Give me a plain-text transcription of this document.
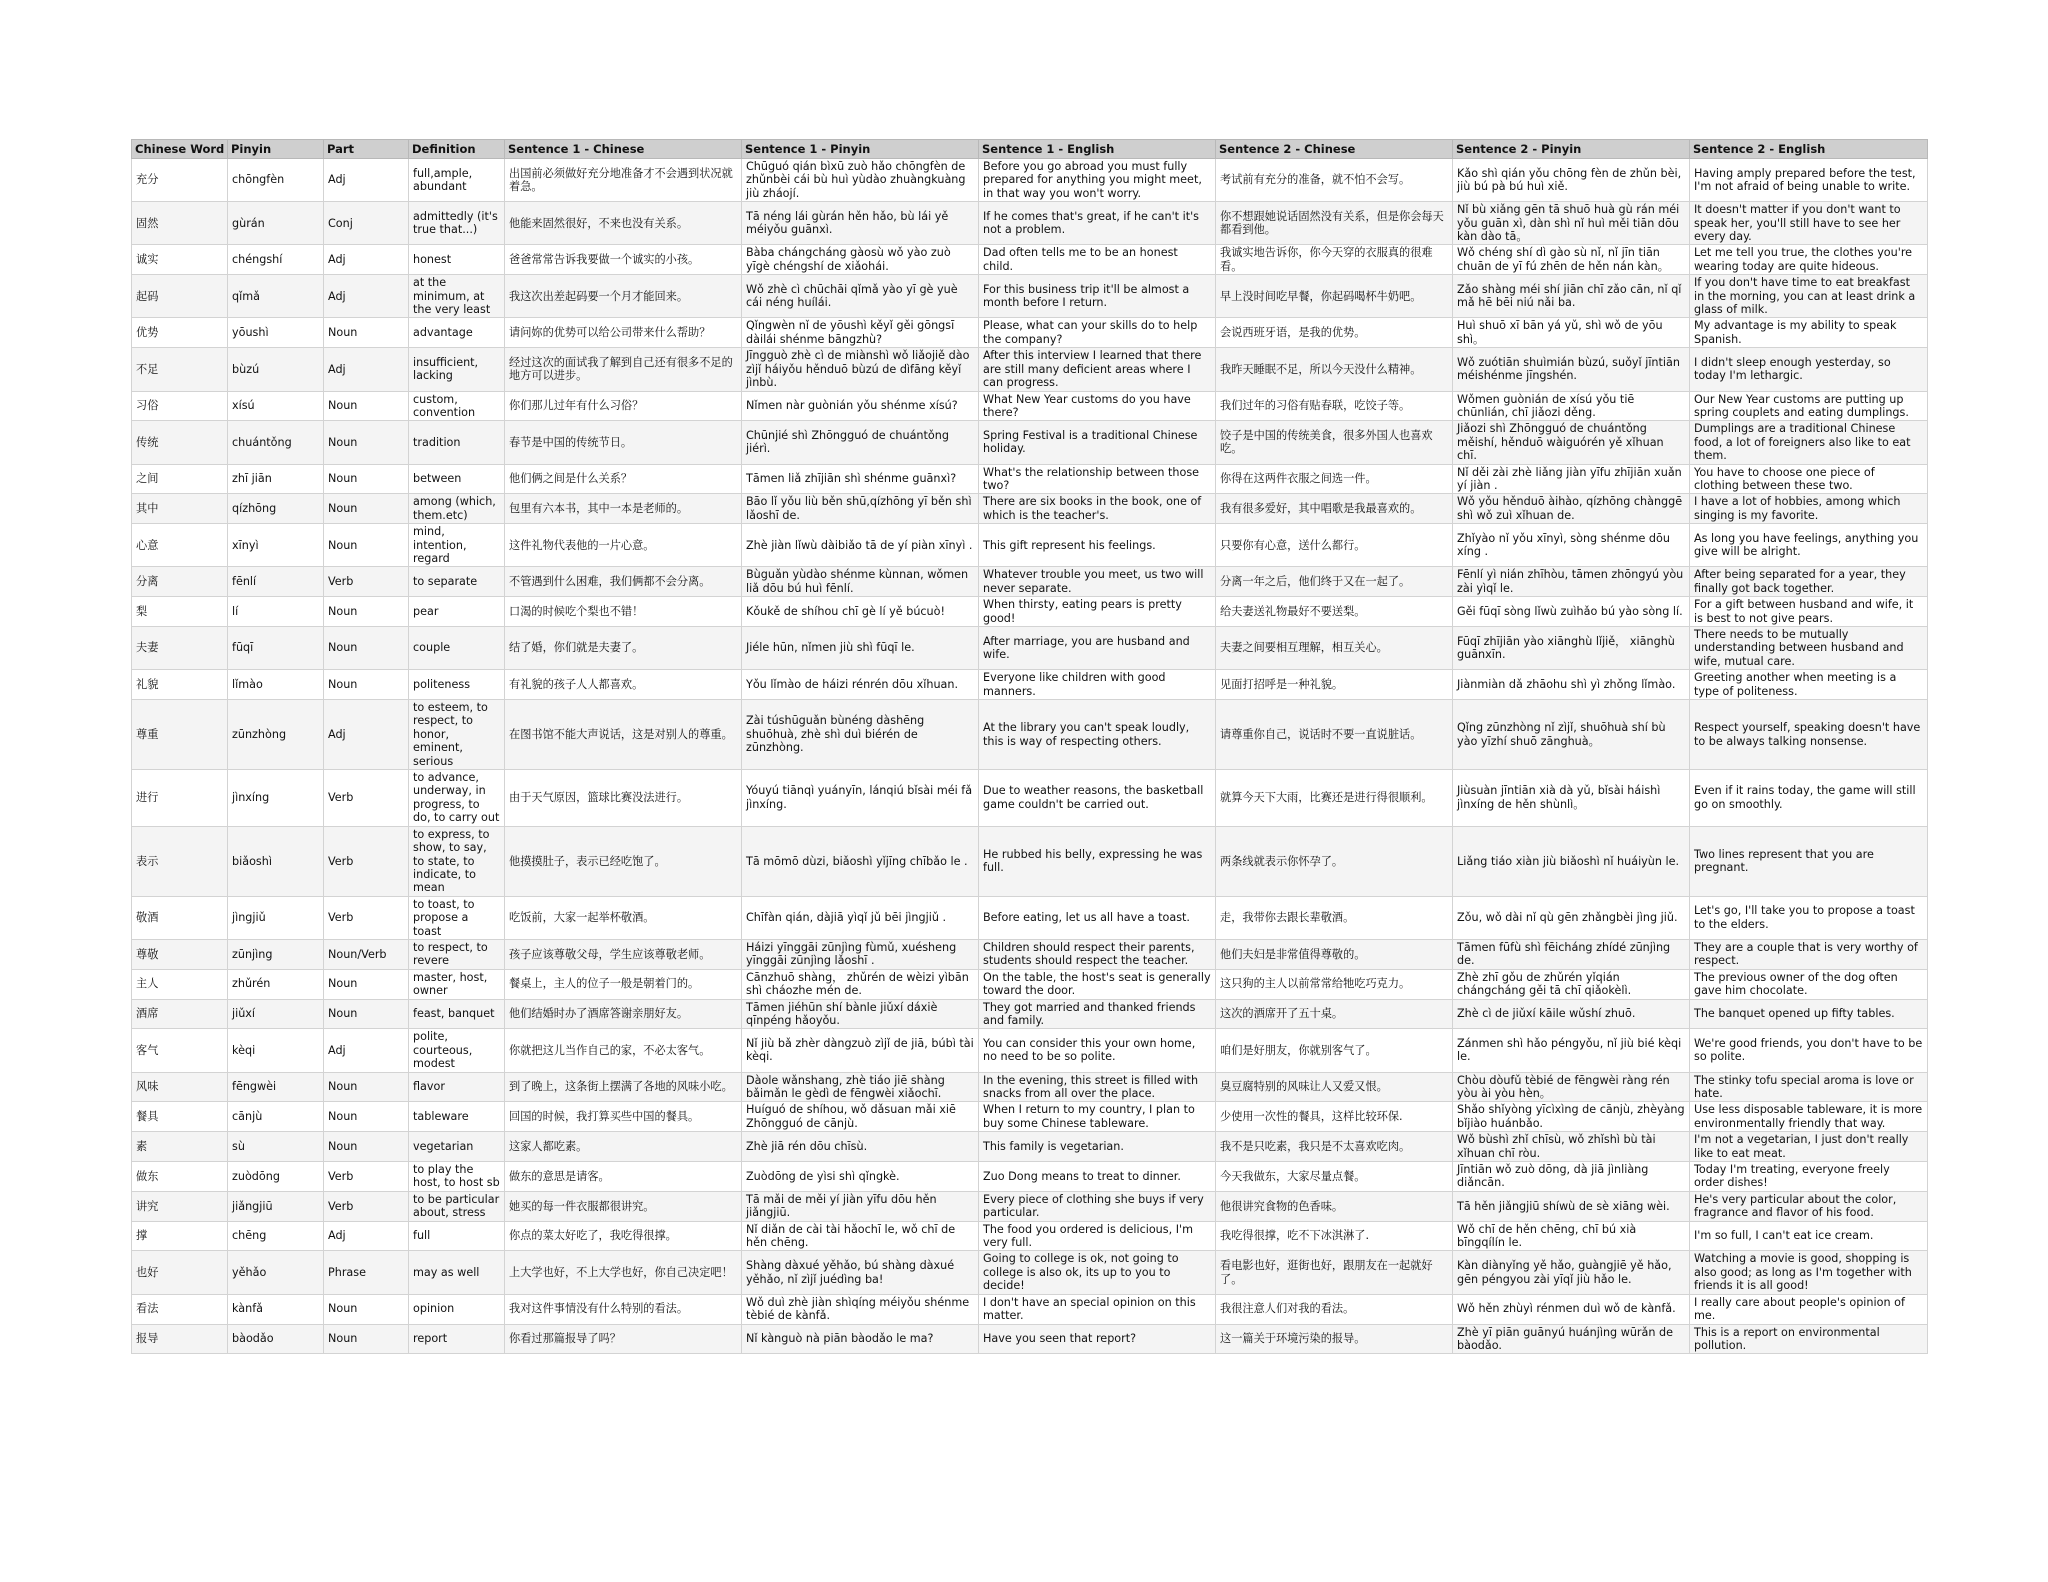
Chinese Word	Pinyin	Part	Definition	Sentence 1 - Chinese	Sentence 1 - Pinyin	Sentence 1 - English	Sentence 2 - Chinese	Sentence 2 - Pinyin	Sentence 2 - English
充分	chōngfèn	Adj	full,ample, abundant	出国前必须做好充分地准备才不会遇到状况就着急。	Chūguó qián bìxū zuò hǎo chōngfèn de zhǔnbèi cái bù huì yùdào zhuàngkuàng jiù zháojí.	Before you go abroad you must fully prepared for anything you might meet, in that way you won't worry.	考试前有充分的准备，就不怕不会写。	Kǎo shì qián yǒu chōng fèn de zhǔn bèi, jiù bú pà bú huì xiě.	Having amply prepared before the test, I'm not afraid of being unable to write.
固然	gùrán	Conj	admittedly (it's true that...)	他能来固然很好，不来也没有关系。	Tā néng lái gùrán hěn hǎo, bù lái yě méiyǒu guānxì.	If he comes that's great, if he can't it's not a problem.	你不想跟她说话固然没有关系，但是你会每天都看到他。	Nǐ bù xiǎng gēn tā shuō huà gù rán méi yǒu guān xì, dàn shì nǐ huì měi tiān dōu kàn dào tā。	It doesn't matter if you don't want to speak her, you'll still have to see her every day.
诚实	chéngshí	Adj	honest	爸爸常常告诉我要做一个诚实的小孩。	Bàba chángcháng gàosù wǒ yào zuò yīgè chéngshí de xiǎohái.	Dad often tells me to be an honest child.	我诚实地告诉你，你今天穿的衣服真的很难看。	Wǒ chéng shí dì gào sù nǐ, nǐ jīn tiān chuān de yī fú zhēn de hěn nán kàn。	Let me tell you true, the clothes you're wearing today are quite hideous.
起码	qǐmǎ	Adj	at the minimum, at the very least	我这次出差起码要一个月才能回来。	Wǒ zhè cì chūchāi qǐmǎ yào yī gè yuè cái néng huílái.	For this business trip it'll be almost a month before I return.	早上没时间吃早餐，你起码喝杯牛奶吧。	Zǎo shàng méi shí jiān chī zǎo cān, nǐ qǐ mǎ hē bēi niú nǎi ba.	If you don't have time to eat breakfast in the morning, you can at least drink a glass of milk.
优势	yōushì	Noun	advantage	请问妳的优势可以给公司带来什么帮助？	Qǐngwèn nǐ de yōushì kěyǐ gěi gōngsī dàilái shénme bāngzhù?	Please, what can your skills do to help the company?	会说西班牙语，是我的优势。	Huì shuō xī bān yá yǔ, shì wǒ de yōu shì。	My advantage is my ability to speak Spanish.
不足	bùzú	Adj	insufficient, lacking	经过这次的面试我了解到自己还有很多不足的地方可以进步。	Jīngguò zhè cì de miànshì wǒ liǎojiě dào zìjǐ háiyǒu hěnduō bùzú de dìfāng kěyǐ jìnbù.	After this interview I learned that there are still many deficient areas where I can progress.	我昨天睡眠不足，所以今天没什么精神。	Wǒ zuótiān shuìmián bùzú, suǒyǐ jīntiān méishénme jīngshén.	I didn't sleep enough yesterday, so today I'm lethargic.
习俗	xísú	Noun	custom, convention	你们那儿过年有什么习俗？	Nǐmen nàr guònián yǒu shénme xísú?	What New Year customs do you have there?	我们过年的习俗有贴春联，吃饺子等。	Wǒmen guònián de xísú yǒu tiē chūnlián, chī jiǎozi děng.	Our New Year customs are putting up spring couplets and eating dumplings.
传统	chuántǒng	Noun	tradition	春节是中国的传统节日。	Chūnjié shì Zhōngguó de chuántǒng jiérì.	Spring Festival is a traditional Chinese holiday.	饺子是中国的传统美食，很多外国人也喜欢吃。	Jiǎozi shì Zhōngguó de chuántǒng měishí, hěnduō wàiguórén yě xǐhuan chī.	Dumplings are a traditional Chinese food, a lot of foreigners also like to eat them.
之间	zhī jiān	Noun	between	他们俩之间是什么关系？	Tāmen liǎ zhījiān shì shénme guānxì?	What's the relationship between those two?	你得在这两件衣服之间选一件。	Nǐ děi zài zhè liǎng jiàn yīfu zhījiān xuǎn yí jiàn .	You have to choose one piece of clothing between these two.
其中	qízhōng	Noun	among (which, them.etc)	包里有六本书，其中一本是老师的。	Bāo lǐ yǒu liù běn shū,qízhōng yī běn shì lǎoshī de.	There are six books in the book, one of which is the teacher's.	我有很多爱好，其中唱歌是我最喜欢的。	Wǒ yǒu hěnduō àihào, qízhōng chànggē shì wǒ zuì xǐhuan de.	I have a lot of hobbies, among which singing is my favorite.
心意	xīnyì	Noun	mind, intention, regard	这件礼物代表他的一片心意。	Zhè jiàn lǐwù dàibiǎo tā de yí piàn xīnyì .	This gift represent his feelings.	只要你有心意，送什么都行。	Zhǐyào nǐ yǒu xīnyì, sòng shénme dōu xíng .	As long you have feelings, anything you give will be alright.
分离	fēnlí	Verb	to separate	不管遇到什么困难，我们俩都不会分离。	Bùguǎn yùdào shénme kùnnan, wǒmen liǎ dōu bú huì fēnlí.	Whatever trouble you meet, us two will never separate.	分离一年之后，他们终于又在一起了。	Fēnlí yì nián zhīhòu, tāmen zhōngyú yòu zài yìqǐ le.	After being separated for a year, they finally got back together.
梨	lí	Noun	pear	口渴的时候吃个梨也不错！	Kǒukě de shíhou chī gè lí yě búcuò!	When thirsty, eating pears is pretty good!	给夫妻送礼物最好不要送梨。	Gěi fūqī sòng lǐwù zuìhǎo bú yào sòng lí.	For a gift between husband and wife, it is best to not give pears.
夫妻	fūqī	Noun	couple	结了婚，你们就是夫妻了。	Jiéle hūn, nǐmen jiù shì fūqī le.	After marriage, you are husband and wife.	夫妻之间要相互理解，相互关心。	Fūqī zhījiān yào xiānghù lǐjiě， xiānghù guānxīn.	There needs to be mutually understanding between husband and wife, mutual care.
礼貌	lǐmào	Noun	politeness	有礼貌的孩子人人都喜欢。	Yǒu lǐmào de háizi rénrén dōu xǐhuan.	Everyone like children with good manners.	见面打招呼是一种礼貌。	Jiànmiàn dǎ zhāohu shì yì zhǒng lǐmào.	Greeting another when meeting is a type of politeness.
尊重	zūnzhòng	Adj	to esteem, to respect, to honor, eminent, serious	在图书馆不能大声说话，这是对别人的尊重。	Zài túshūguǎn bùnéng dàshēng shuōhuà, zhè shì duì biérén de zūnzhòng.	At the library you can't speak loudly, this is way of respecting others.	请尊重你自己，说话时不要一直说脏话。	Qǐng zūnzhòng nǐ zìjǐ, shuōhuà shí bù yào yīzhí shuō zānghuà。	Respect yourself, speaking doesn't have to be always talking nonsense.
进行	jìnxíng	Verb	to advance, underway, in progress, to do, to carry out	由于天气原因，篮球比赛没法进行。	Yóuyú tiānqì yuányīn, lánqiú bǐsài méi fǎ jìnxíng.	Due to weather reasons, the basketball game couldn't be carried out.	就算今天下大雨，比赛还是进行得很顺利。	Jiùsuàn jīntiān xià dà yǔ, bǐsài háishì jìnxíng de hěn shùnlì。	Even if it rains today, the game will still go on smoothly.
表示	biǎoshì	Verb	to express, to show, to say, to state, to indicate, to mean	他摸摸肚子，表示已经吃饱了。	Tā mōmō dùzi, biǎoshì yǐjīng chībǎo le .	He rubbed his belly, expressing he was full.	两条线就表示你怀孕了。	Liǎng tiáo xiàn jiù biǎoshì nǐ huáiyùn le.	Two lines represent that you are pregnant.
敬酒	jìngjiǔ	Verb	to toast, to propose a toast	吃饭前，大家一起举杯敬酒。	Chīfàn qián, dàjiā yìqǐ jǔ bēi jìngjiǔ .	Before eating, let us all have a toast.	走，我带你去跟长辈敬酒。	Zǒu, wǒ dài nǐ qù gēn zhǎngbèi jìng jiǔ.	Let's go, I'll take you to propose a toast to the elders.
尊敬	zūnjìng	Noun/Verb	to respect, to revere	孩子应该尊敬父母，学生应该尊敬老师。	Háizi yīnggāi zūnjìng fùmǔ, xuésheng yīnggāi zūnjìng lǎoshī .	Children should respect their parents, students should respect the teacher.	他们夫妇是非常值得尊敬的。	Tāmen fūfù shì fēicháng zhídé zūnjìng de.	They are a couple that is very worthy of respect.
主人	zhǔrén	Noun	master, host, owner	餐桌上，主人的位子一般是朝着门的。	Cānzhuō shàng， zhǔrén de wèizi yìbān shì cháozhe mén de.	On the table, the host's seat is generally toward the door.	这只狗的主人以前常常给牠吃巧克力。	Zhè zhī gǒu de zhǔrén yǐqián chángcháng gěi tā chī qiǎokèlì.	The previous owner of the dog often gave him chocolate.
酒席	jiǔxí	Noun	feast, banquet	他们结婚时办了酒席答谢亲朋好友。	Tāmen jiéhūn shí bànle jiǔxí dáxiè qīnpéng hǎoyǒu.	They got married and thanked friends and family.	这次的酒席开了五十桌。	Zhè cì de jiǔxí kāile wǔshí zhuō.	The banquet opened up fifty tables.
客气	kèqi	Adj	polite, courteous, modest	你就把这儿当作自己的家，不必太客气。	Nǐ jiù bǎ zhèr dàngzuò zìjǐ de jiā, búbì tài kèqi.	You can consider this your own home, no need to be so polite.	咱们是好朋友，你就别客气了。	Zánmen shì hǎo péngyǒu, nǐ jiù bié kèqi le.	We're good friends, you don't have to be so polite.
风味	fēngwèi	Noun	flavor	到了晚上，这条街上摆满了各地的风味小吃。	Dàole wǎnshang, zhè tiáo jiē shàng bǎimǎn le gèdì de fēngwèi xiǎochī.	In the evening, this street is filled with snacks from all over the place.	臭豆腐特别的风味让人又爱又恨。	Chòu dòufǔ tèbié de fēngwèi ràng rén yòu ài yòu hèn。	The stinky tofu special aroma is love or hate.
餐具	cānjù	Noun	tableware	回国的时候，我打算买些中国的餐具。	Huíguó de shíhou, wǒ dǎsuan mǎi xiē Zhōngguó de cānjù.	When I return to my country, I plan to buy some Chinese tableware.	少使用一次性的餐具，这样比较环保.	Shǎo shǐyòng yīcìxìng de cānjù, zhèyàng bǐjiào huánbǎo.	Use less disposable tableware, it is more environmentally friendly that way.
素	sù	Noun	vegetarian	这家人都吃素。	Zhè jiā rén dōu chīsù.	This family is vegetarian.	我不是只吃素，我只是不太喜欢吃肉。	Wǒ bùshì zhǐ chīsù, wǒ zhǐshì bù tài xǐhuan chī ròu.	I'm not a vegetarian, I just don't really like to eat meat.
做东	zuòdōng	Verb	to play the host, to host sb	做东的意思是请客。	Zuòdōng de yìsi shì qǐngkè.	Zuo Dong means to treat to dinner.	今天我做东，大家尽量点餐。	Jīntiān wǒ zuò dōng, dà jiā jìnliàng diǎncān.	Today I'm treating, everyone freely order dishes!
讲究	jiǎngjiū	Verb	to be particular about, stress	她买的每一件衣服都很讲究。	Tā mǎi de měi yí jiàn yīfu dōu hěn jiǎngjiū.	Every piece of clothing she buys if very particular.	他很讲究食物的色香味。	Tā hěn jiǎngjiū shíwù de sè xiāng wèi.	He's very particular about the color, fragrance and flavor of his food.
撑	chēng	Adj	full	你点的菜太好吃了，我吃得很撑。	Nǐ diǎn de cài tài hǎochī le, wǒ chī de hěn chēng.	The food you ordered is delicious, I'm very full.	我吃得很撑，吃不下冰淇淋了.	Wǒ chī de hěn chēng, chī bú xià bīngqílín le.	I'm so full, I can't eat ice cream.
也好	yěhǎo	Phrase	may as well	上大学也好，不上大学也好，你自己决定吧！	Shàng dàxué yěhǎo, bú shàng dàxué yěhǎo, nǐ zìjǐ juédìng ba!	Going to college is ok, not going to college is also ok, its up to you to decide!	看电影也好，逛街也好，跟朋友在一起就好了。	Kàn diànyǐng yě hǎo, guàngjiē yě hǎo, gēn péngyou zài yīqǐ jiù hǎo le.	Watching a movie is good, shopping is also good; as long as I'm together with friends it is all good!
看法	kànfǎ	Noun	opinion	我对这件事情没有什么特别的看法。	Wǒ duì zhè jiàn shìqíng méiyǒu shénme tèbié de kànfǎ.	I don't have an special opinion on this matter.	我很注意人们对我的看法。	Wǒ hěn zhùyì rénmen duì wǒ de kànfǎ.	I really care about people's opinion of me.
报导	bàodǎo	Noun	report	你看过那篇报导了吗？	Nǐ kànguò nà piān bàodǎo le ma?	Have you seen that report?	这一篇关于环境污染的报导。	Zhè yī piān guānyú huánjìng wūrǎn de bàodǎo.	This is a report on environmental pollution.
